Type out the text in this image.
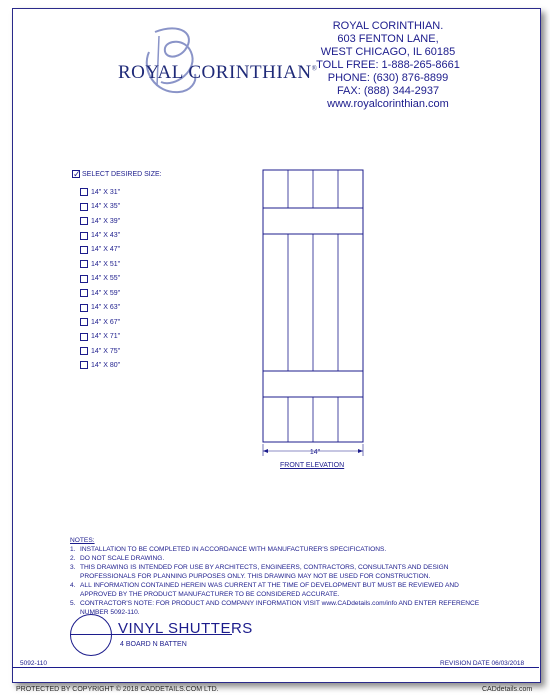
ROYAL CORINTHIAN®
ROYAL CORINTHIAN.
603 FENTON LANE,
WEST CHICAGO, IL 60185
TOLL FREE: 1-888-265-8661
PHONE: (630) 876-8899
FAX: (888) 344-2937
www.royalcorinthian.com
✓SELECT DESIRED SIZE:
14" X 31"
14" X 35"
14" X 39"
14" X 43"
14" X 47"
14" X 51"
14" X 55"
14" X 59"
14" X 63"
14" X 67"
14" X 71"
14" X 75"
14" X 80"
14"
FRONT ELEVATION
NOTES:
1. INSTALLATION TO BE COMPLETED IN ACCORDANCE WITH MANUFACTURER'S SPECIFICATIONS.
2. DO NOT SCALE DRAWING.
3. THIS DRAWING IS INTENDED FOR USE BY ARCHITECTS, ENGINEERS, CONTRACTORS, CONSULTANTS AND DESIGN PROFESSIONALS FOR PLANNING PURPOSES ONLY. THIS DRAWING MAY NOT BE USED FOR CONSTRUCTION.
4. ALL INFORMATION CONTAINED HEREIN WAS CURRENT AT THE TIME OF DEVELOPMENT BUT MUST BE REVIEWED AND APPROVED BY THE PRODUCT MANUFACTURER TO BE CONSIDERED ACCURATE.
5. CONTRACTOR'S NOTE: FOR PRODUCT AND COMPANY INFORMATION VISIT www.CADdetails.com/info AND ENTER REFERENCE NUMBER 5092-110.
VINYL SHUTTERS
4 BOARD N BATTEN
5092-110	REVISION DATE 06/03/2018
PROTECTED BY COPYRIGHT © 2018 CADDETAILS.COM LTD.	CADdetails.com
